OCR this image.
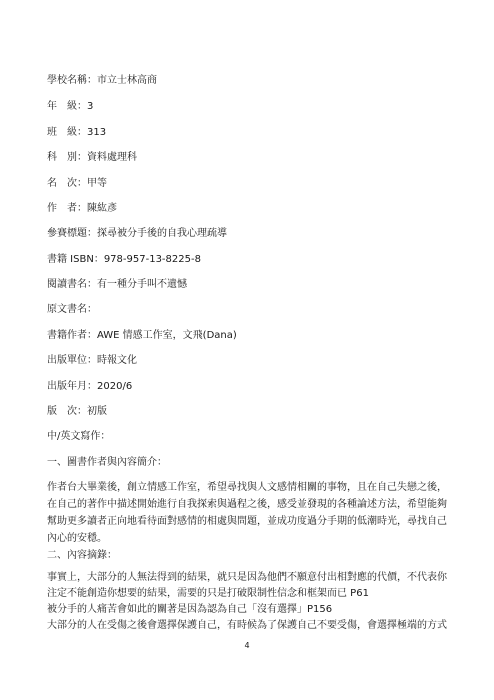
學校名稱：市立士林高商
年　級：3
班　級：313
科　別：資料處理科
名　次：甲等
作　者：陳紘彥
參賽標題：探尋被分手後的自我心理疏導
書籍 ISBN：978-957-13-8225-8
閱讀書名：有一種分手叫不遺憾
原文書名：
書籍作者：AWE 情感工作室，文飛(Dana)
出版單位：時報文化
出版年月：2020/6
版　次：初版
中/英文寫作：
一、圖書作者與內容簡介：
作者台大畢業後，創立情感工作室，希望尋找與人文感情相關的事物，且在自己失戀之後，
在自己的著作中描述開始進行自我探索與過程之後，感受並發現的各種論述方法，希望能夠
幫助更多讀者正向地看待面對感情的相處與問題，並成功度過分手期的低潮時光，尋找自己
內心的安穩。
二、內容摘錄：
事實上，大部分的人無法得到的結果，就只是因為他們不願意付出相對應的代價，不代表你
注定不能創造你想要的結果，需要的只是打破限制性信念和框架而已 P61
被分手的人痛苦會如此的關著是因為認為自己「沒有選擇」P156
大部分的人在受傷之後會選擇保護自己，有時候為了保護自己不要受傷，會選擇極端的方式
4
